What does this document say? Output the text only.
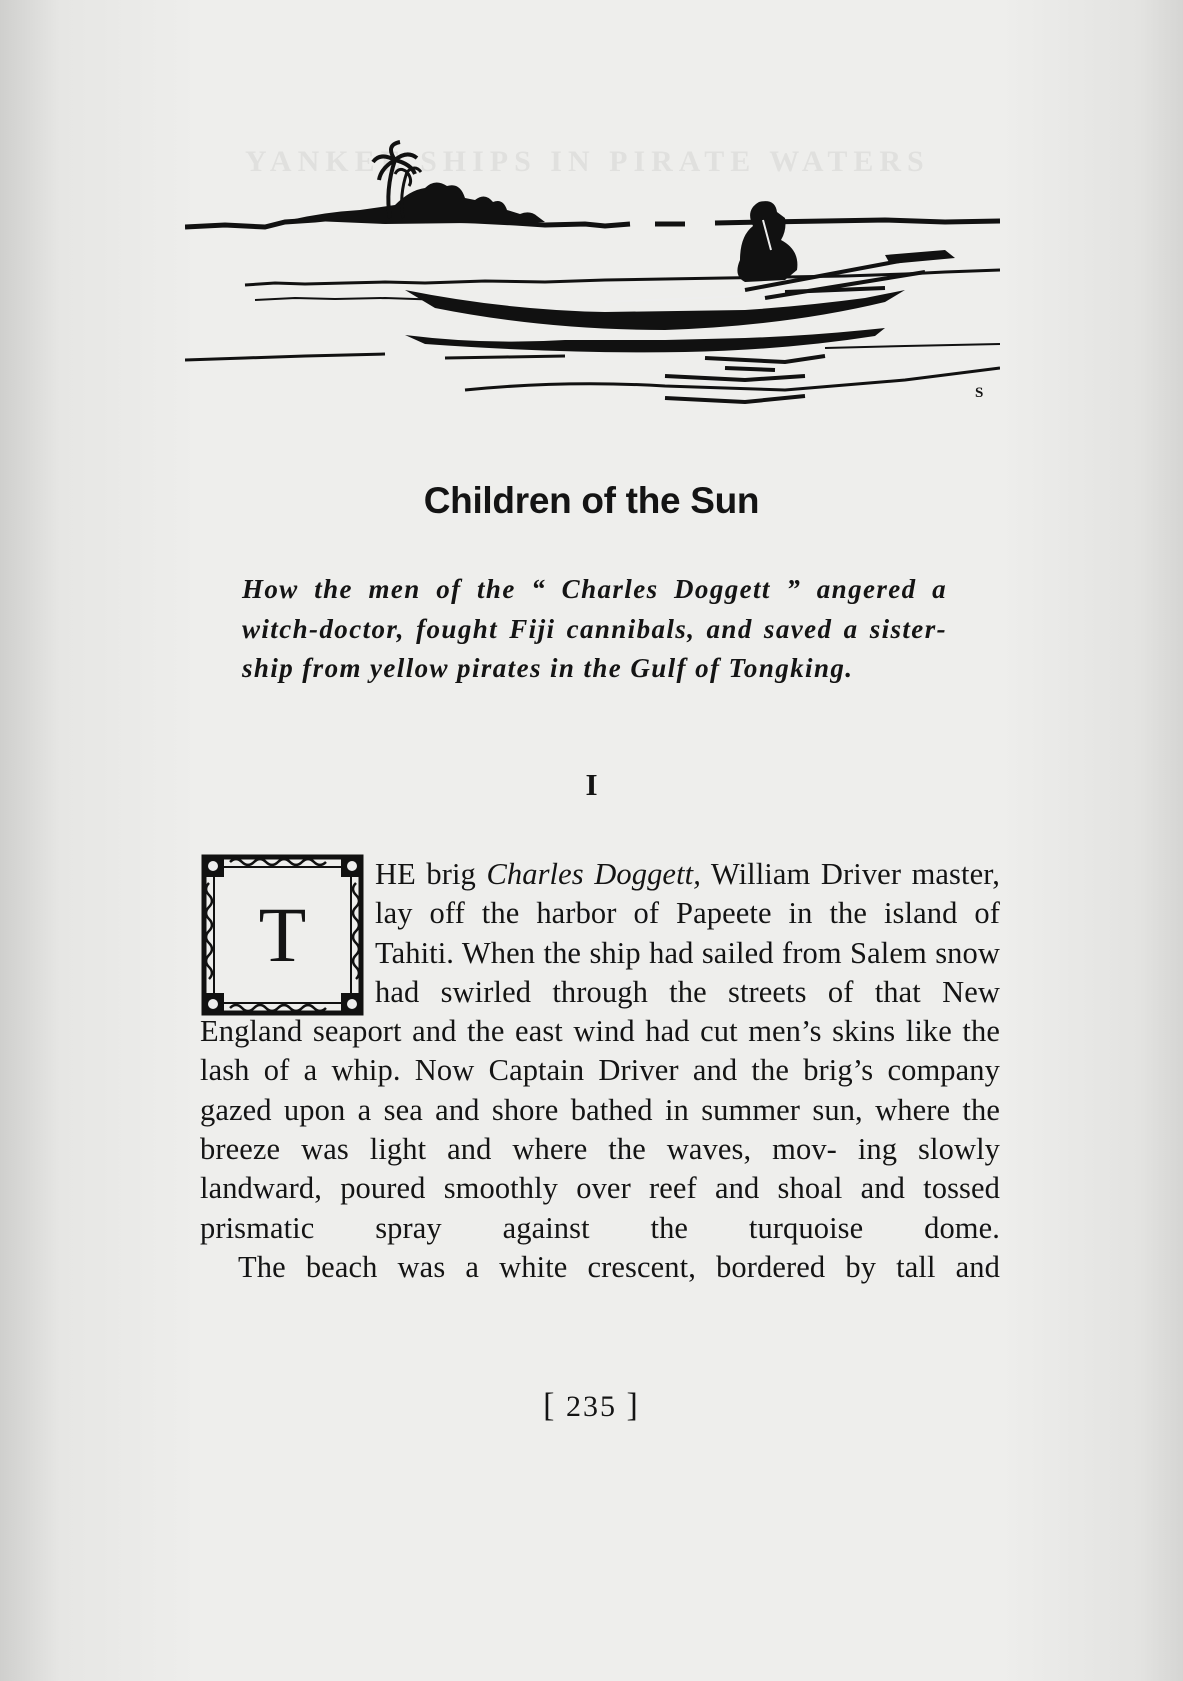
YANKEE SHIPS IN PIRATE WATERS
S
Children of the Sun
How the men of the “ Charles Doggett ” angered a witch-doctor, fought Fiji cannibals, and saved a sister-ship from yellow pirates in the Gulf of Tongking.
I
T

HE brig Charles Doggett, William Driver master, lay off the harbor of Papeete in the island of Tahiti. When the ship had sailed from Salem snow had swirled through the streets of that New England seaport and the east wind had cut men’s skins like the lash of a whip. Now Captain Driver and the brig’s company gazed upon a sea and shore bathed in summer sun, where the breeze was light and where the waves, mov- ing slowly landward, poured smoothly over reef and shoal and tossed prismatic spray against the turquoise dome.

The beach was a white crescent, bordered by tall and

[ 235 ]
